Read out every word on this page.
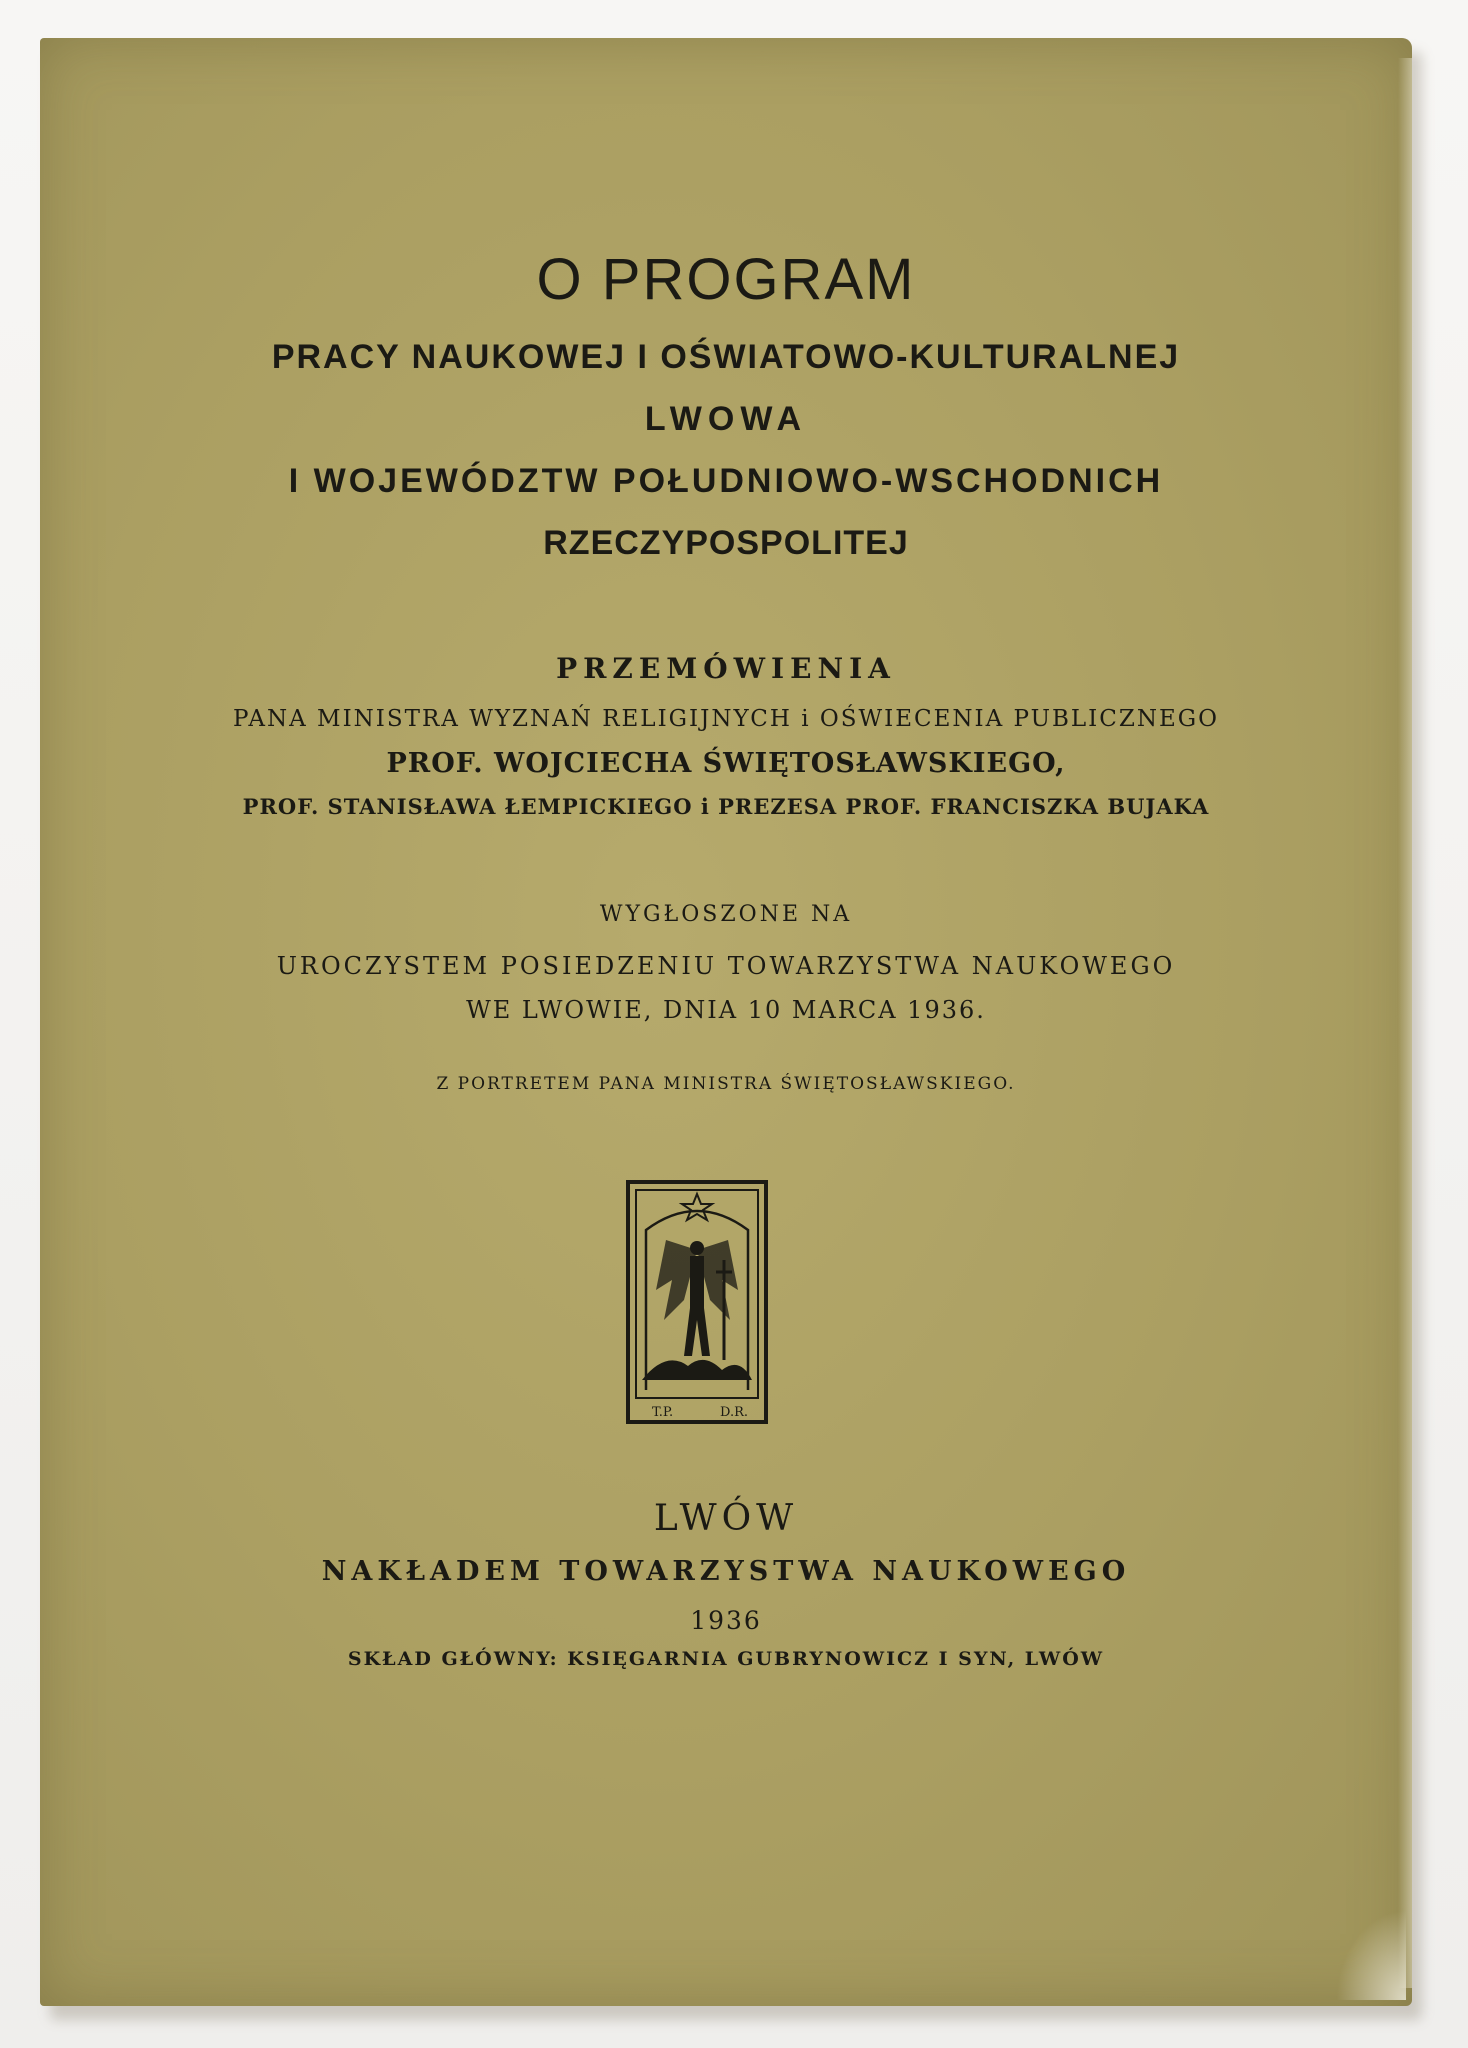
O PROGRAM
PRACY NAUKOWEJ I OŚWIATOWO-KULTURALNEJ
LWOWA
I WOJEWÓDZTW POŁUDNIOWO-WSCHODNICH
RZECZYPOSPOLITEJ
PRZEMÓWIENIA
PANA MINISTRA WYZNAŃ RELIGIJNYCH i OŚWIECENIA PUBLICZNEGO
PROF. WOJCIECHA ŚWIĘTOSŁAWSKIEGO,
PROF. STANISŁAWA ŁEMPICKIEGO i PREZESA PROF. FRANCISZKA BUJAKA
WYGŁOSZONE NA
UROCZYSTEM POSIEDZENIU TOWARZYSTWA NAUKOWEGO
WE LWOWIE, DNIA 10 MARCA 1936.
Z PORTRETEM PANA MINISTRA ŚWIĘTOSŁAWSKIEGO.
T.P.	D.R.
LWÓW
NAKŁADEM TOWARZYSTWA NAUKOWEGO
1936
SKŁAD GŁÓWNY: KSIĘGARNIA GUBRYNOWICZ I SYN, LWÓW
